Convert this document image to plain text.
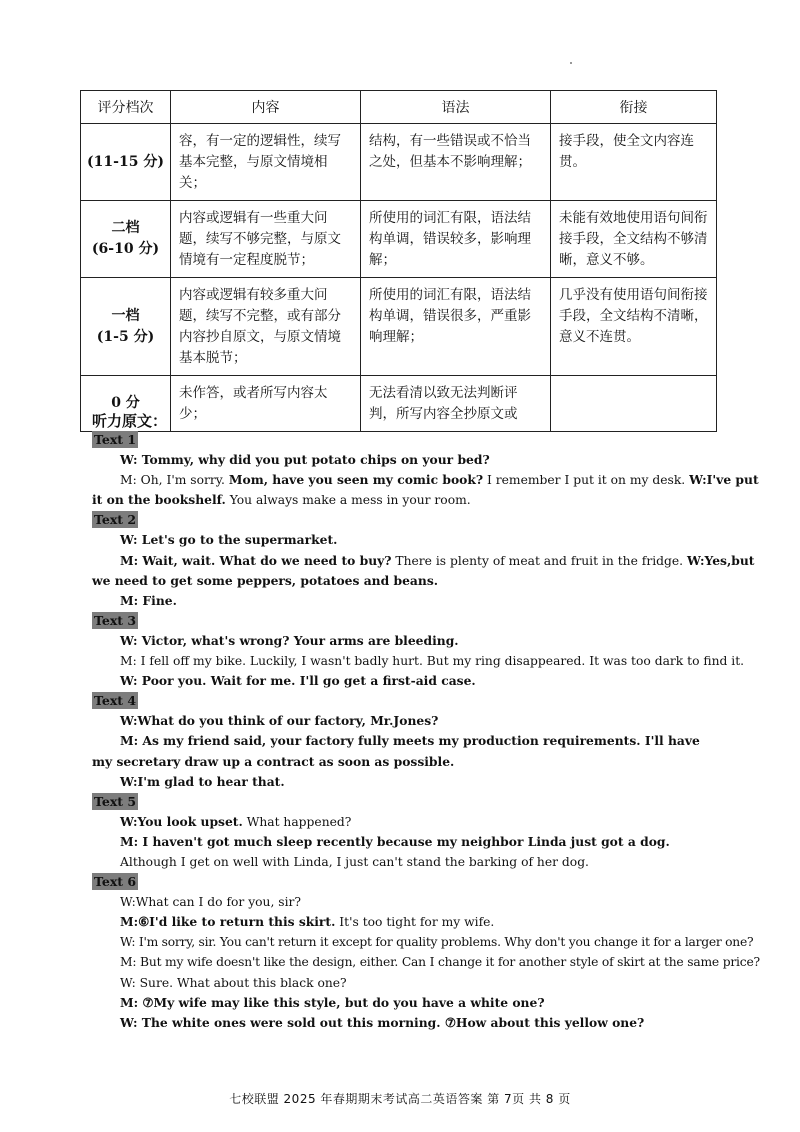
评分档次	内容	语法	衔接

(11-15 分)	容，有一定的逻辑性，续写基本完整，与原文情境相关；	结构，有一些错误或不恰当之处，但基本不影响理解；	接手段，使全文内容连贯。

二档
(6-10 分)	内容或逻辑有一些重大问题，续写不够完整，与原文情境有一定程度脱节；	所使用的词汇有限，语法结构单调，错误较多，影响理解；	未能有效地使用语句间衔接手段，全文结构不够清晰，意义不够。

一档
(1-5 分)	内容或逻辑有较多重大问题，续写不完整，或有部分内容抄自原文，与原文情境基本脱节；	所使用的词汇有限，语法结构单调，错误很多，严重影响理解；	几乎没有使用语句间衔接手段，全文结构不清晰，意义不连贯。

0 分	未作答，或者所写内容太少；	无法看清以致无法判断评判，所写内容全抄原文或	
听力原文：
Text 1

W: Tommy, why did you put potato chips on your bed?

M: Oh, I'm sorry. Mom, have you seen my comic book? I remember I put it on my desk. W:I've put

it on the bookshelf. You always make a mess in your room.

Text 2

W: Let's go to the supermarket.

M: Wait, wait. What do we need to buy? There is plenty of meat and fruit in the fridge. W:Yes,but

we need to get some peppers, potatoes and beans.

M: Fine.

Text 3

W: Victor, what's wrong? Your arms are bleeding.

M: I fell off my bike. Luckily, I wasn't badly hurt. But my ring disappeared. It was too dark to find it.

W: Poor you. Wait for me. I'll go get a first-aid case.

Text 4

W:What do you think of our factory, Mr.Jones?

M: As my friend said, your factory fully meets my production requirements. I'll have my secretary draw up a contract as soon as possible.

W:I'm glad to hear that.

Text 5

W:You look upset. What happened?

M: I haven't got much sleep recently because my neighbor Linda just got a dog.

Although I get on well with Linda, I just can't stand the barking of her dog.

Text 6

W:What can I do for you, sir?

M:⑥I'd like to return this skirt. It's too tight for my wife.

W: I'm sorry, sir. You can't return it except for quality problems. Why don't you change it for a larger one?

M: But my wife doesn't like the design, either. Can I change it for another style of skirt at the same price?

W: Sure. What about this black one?

M: ⑦My wife may like this style, but do you have a white one?

W: The white ones were sold out this morning. ⑦How about this yellow one?

七校联盟 2025 年春期期末考试高二英语答案 第 7页 共 8 页
